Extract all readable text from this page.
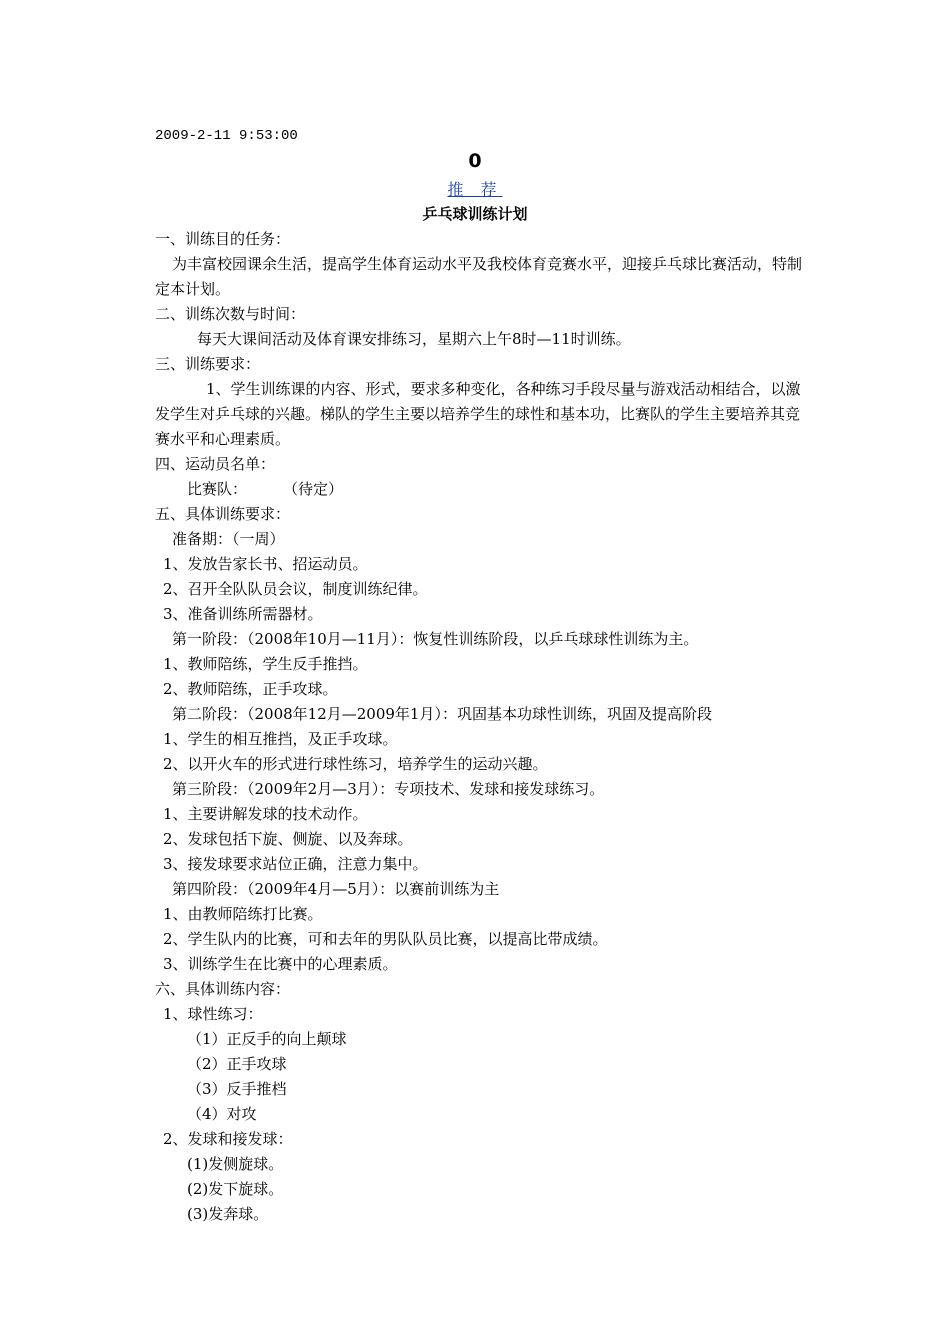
2009-2-11 9:53:00
0
推 荐
乒乓球训练计划
一、训练目的任务：
为丰富校园课余生活，提高学生体育运动水平及我校体育竞赛水平，迎接乒乓球比赛活动，特制定本计划。
二、训练次数与时间：
每天大课间活动及体育课安排练习，星期六上午8时—11时训练。
三、训练要求：
1、学生训练课的内容、形式，要求多种变化，各种练习手段尽量与游戏活动相结合，以激发学生对乒乓球的兴趣。梯队的学生主要以培养学生的球性和基本功，比赛队的学生主要培养其竞赛水平和心理素质。
四、运动员名单：
比赛队： （待定）
五、具体训练要求：
准备期：（一周）
1、发放告家长书、招运动员。
2、召开全队队员会议，制度训练纪律。
3、准备训练所需器材。
第一阶段：（2008年10月—11月）：恢复性训练阶段，以乒乓球球性训练为主。
1、教师陪练，学生反手推挡。
2、教师陪练，正手攻球。
第二阶段：（2008年12月—2009年1月）：巩固基本功球性训练，巩固及提高阶段
1、学生的相互推挡，及正手攻球。
2、以开火车的形式进行球性练习，培养学生的运动兴趣。
第三阶段：（2009年2月—3月）：专项技术、发球和接发球练习。
1、主要讲解发球的技术动作。
2、发球包括下旋、侧旋、以及奔球。
3、接发球要求站位正确，注意力集中。
第四阶段：（2009年4月—5月）：以赛前训练为主
1、由教师陪练打比赛。
2、学生队内的比赛，可和去年的男队队员比赛，以提高比带成绩。
3、训练学生在比赛中的心理素质。
六、具体训练内容：
1、球性练习：
（1）正反手的向上颠球
（2）正手攻球
（3）反手推档
（4）对攻
2、发球和接发球：
(1)发侧旋球。
(2)发下旋球。
(3)发奔球。
